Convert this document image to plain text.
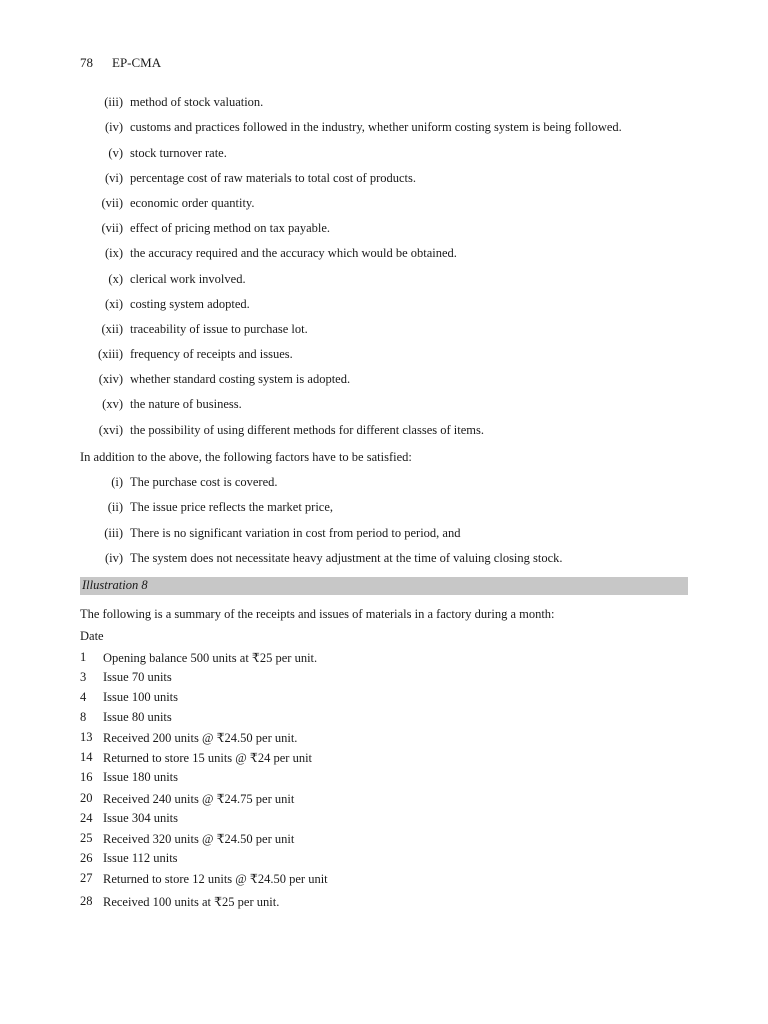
78 EP-CMA
(iii) method of stock valuation.
(iv) customs and practices followed in the industry, whether uniform costing system is being followed.
(v) stock turnover rate.
(vi) percentage cost of raw materials to total cost of products.
(vii) economic order quantity.
(vii) effect of pricing method on tax payable.
(ix) the accuracy required and the accuracy which would be obtained.
(x) clerical work involved.
(xi) costing system adopted.
(xii) traceability of issue to purchase lot.
(xiii) frequency of receipts and issues.
(xiv) whether standard costing system is adopted.
(xv) the nature of business.
(xvi) the possibility of using different methods for different classes of items.
In addition to the above, the following factors have to be satisfied:
(i) The purchase cost is covered.
(ii) The issue price reflects the market price,
(iii) There is no significant variation in cost from period to period, and
(iv) The system does not necessitate heavy adjustment at the time of valuing closing stock.
Illustration 8
The following is a summary of the receipts and issues of materials in a factory during a month:
Date
1 Opening balance 500 units at ₹25 per unit.
3 Issue 70 units
4 Issue 100 units
8 Issue 80 units
13 Received 200 units @ ₹24.50 per unit.
14 Returned to store 15 units @ ₹24 per unit
16 Issue 180 units
20 Received 240 units @ ₹24.75 per unit
24 Issue 304 units
25 Received 320 units @ ₹24.50 per unit
26 Issue 112 units
27 Returned to store 12 units @ ₹24.50 per unit
28 Received 100 units at ₹25 per unit.
